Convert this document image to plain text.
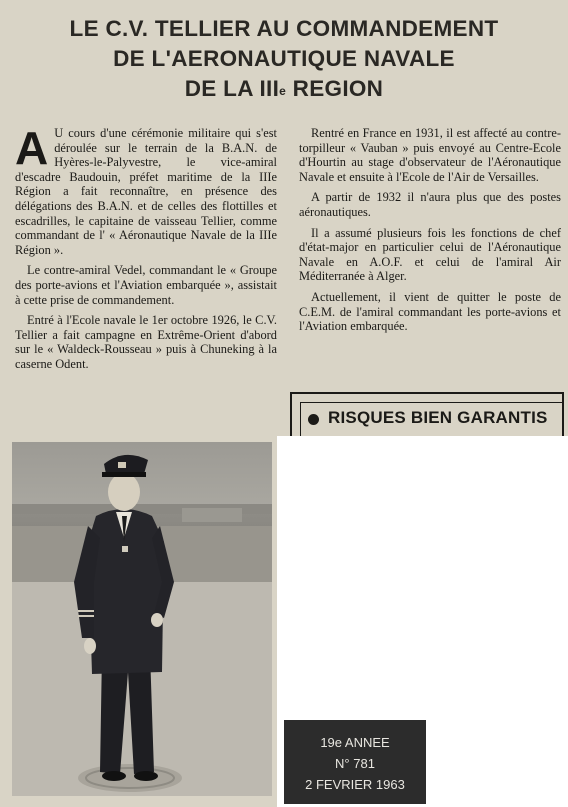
LE C.V. TELLIER AU COMMANDEMENT
DE L'AERONAUTIQUE NAVALE
DE LA IIIe REGION

A U cours d'une cérémonie militaire qui s'est déroulée sur le terrain de la B.A.N. de Hyères-le-Palyvestre, le vice-amiral d'escadre Baudouin, préfet maritime de la IIIe Région a fait reconnaître, en présence des délégations des B.A.N. et de celles des flottilles et escadrilles, le capitaine de vaisseau Tellier, comme commandant de l' « Aéronautique Navale de la IIIe Région ».

Le contre-amiral Vedel, commandant le « Groupe des porte-avions et l'Aviation embarquée », assistait à cette prise de commandement.

Entré à l'Ecole navale le 1er octobre 1926, le C.V. Tellier a fait campagne en Extrême-Orient d'abord sur le « Waldeck-Rousseau » puis à Chuneking à la caserne Odent.

Rentré en France en 1931, il est affecté au contre-torpilleur « Vauban » puis envoyé au Centre-Ecole d'Hourtin au stage d'observateur de l'Aéronautique Navale et ensuite à l'Ecole de l'Air de Versailles.

A partir de 1932 il n'aura plus que des postes aéronautiques.

Il a assumé plusieurs fois les fonctions de chef d'état-major en particulier celui de l'Aéronautique Navale en A.O.F. et celui de l'amiral Air Méditerranée à Alger.

Actuellement, il vient de quitter le poste de C.E.M. de l'amiral commandant les porte-avions et l'Aviation embarquée.

RISQUES BIEN GARANTIS
19e ANNEE
N° 781
2 FEVRIER 1963
